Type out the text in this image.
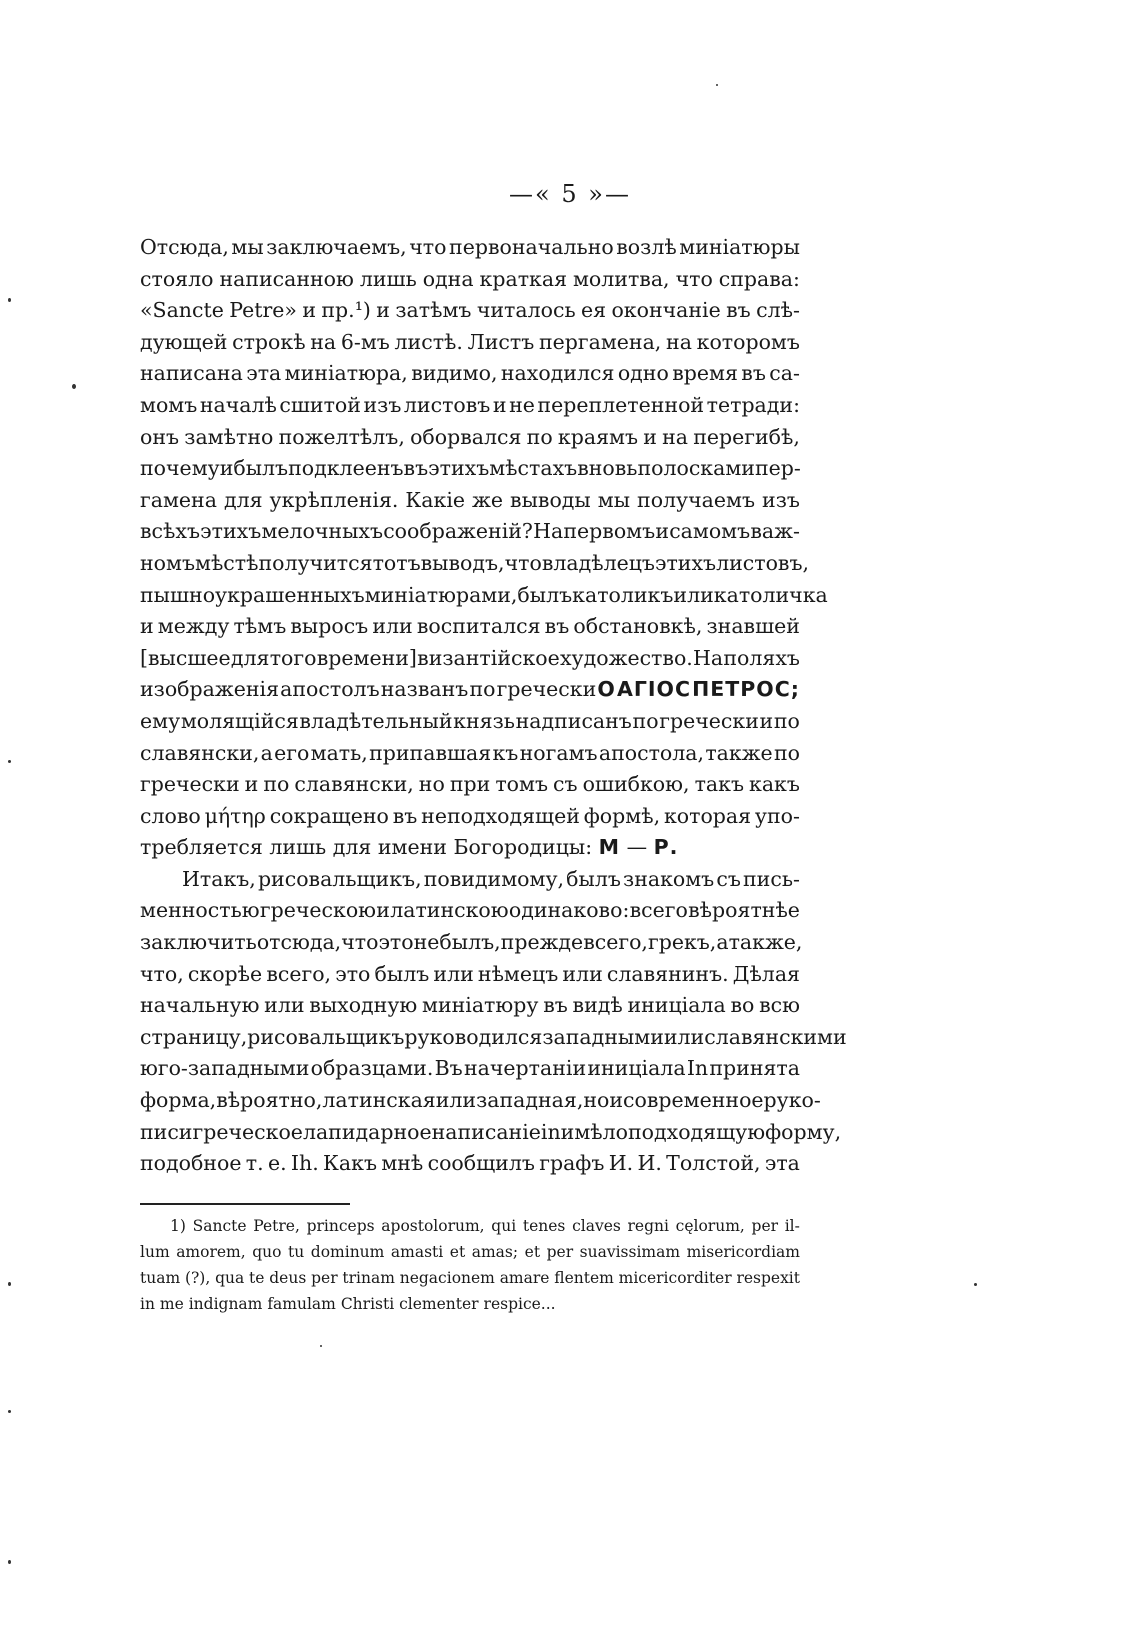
—« 5 »—
Отсюда, мы заключаемъ, что первоначально возлѣ миніатюры
стояло написанною лишь одна краткая молитва, что справа:
«Sancte Petre» и пр.¹) и затѣмъ читалось ея окончаніе въ слѣ-
дующей строкѣ на 6-мъ листѣ. Листъ пергамена, на которомъ
написана эта миніатюра, видимо, находился одно время въ са-
момъ началѣ сшитой изъ листовъ и не переплетенной тетради:
онъ замѣтно пожелтѣлъ, оборвался по краямъ и на перегибѣ,
почему и былъ подклеенъ въ этихъ мѣстахъ вновь полосками пер-
гамена для укрѣпленія. Какіе же выводы мы получаемъ изъ
всѣхъ этихъ мелочныхъ соображеній? На первомъ и самомъ важ-
номъ мѣстѣ получится тотъ выводъ, что владѣлецъ этихъ листовъ,
пышно украшенныхъ миніатюрами, былъ католикъ или католичка
и между тѣмъ выросъ или воспитался въ обстановкѣ, знавшей
[высшее для того времени] византійское художество. На поляхъ
изображенія апостолъ названъ по гречески Ο ΑΓΙΟϹ ΠΕΤΡΟϹ;
ему молящійся владѣтельный князь надписанъ по гречески и по
славянски, а его мать, припавшая къ ногамъ апостола, также по
гречески и по славянски, но при томъ съ ошибкою, такъ какъ
слово μήτηρ сокращено въ неподходящей формѣ, которая упо-
требляется
лишь
для
имени
Богородицы:
Μ
—
Ρ.
Итакъ, рисовальщикъ, повидимому, былъ знакомъ съ пись-
менностью греческою и латинскою одинаково: всего вѣроятнѣе
заключить отсюда, что это не былъ, прежде всего, грекъ, а также,
что, скорѣе всего, это былъ или нѣмецъ или славянинъ. Дѣлая
начальную или выходную миніатюру въ видѣ иниціала во всю
страницу, рисовальщикъ руководился западными или славянскими
юго-западными образцами. Въ начертаніи иниціала In принята
форма, вѣроятно, латинская или западная, но и современное руко-
писи греческое лапидарное написаніе in имѣло подходящую форму,
подобное т. е. Ih. Какъ мнѣ сообщилъ графъ И. И. Толстой, эта
1) Sancte Petre, princeps apostolorum, qui tenes claves regni cęlorum, per il-
lum amorem, quo tu dominum amasti et amas; et per suavissimam misericordiam
tuam (?), qua te deus per trinam negacionem amare flentem micericorditer respexit
in
me
indignam
famulam
Christi
clementer
respice...
